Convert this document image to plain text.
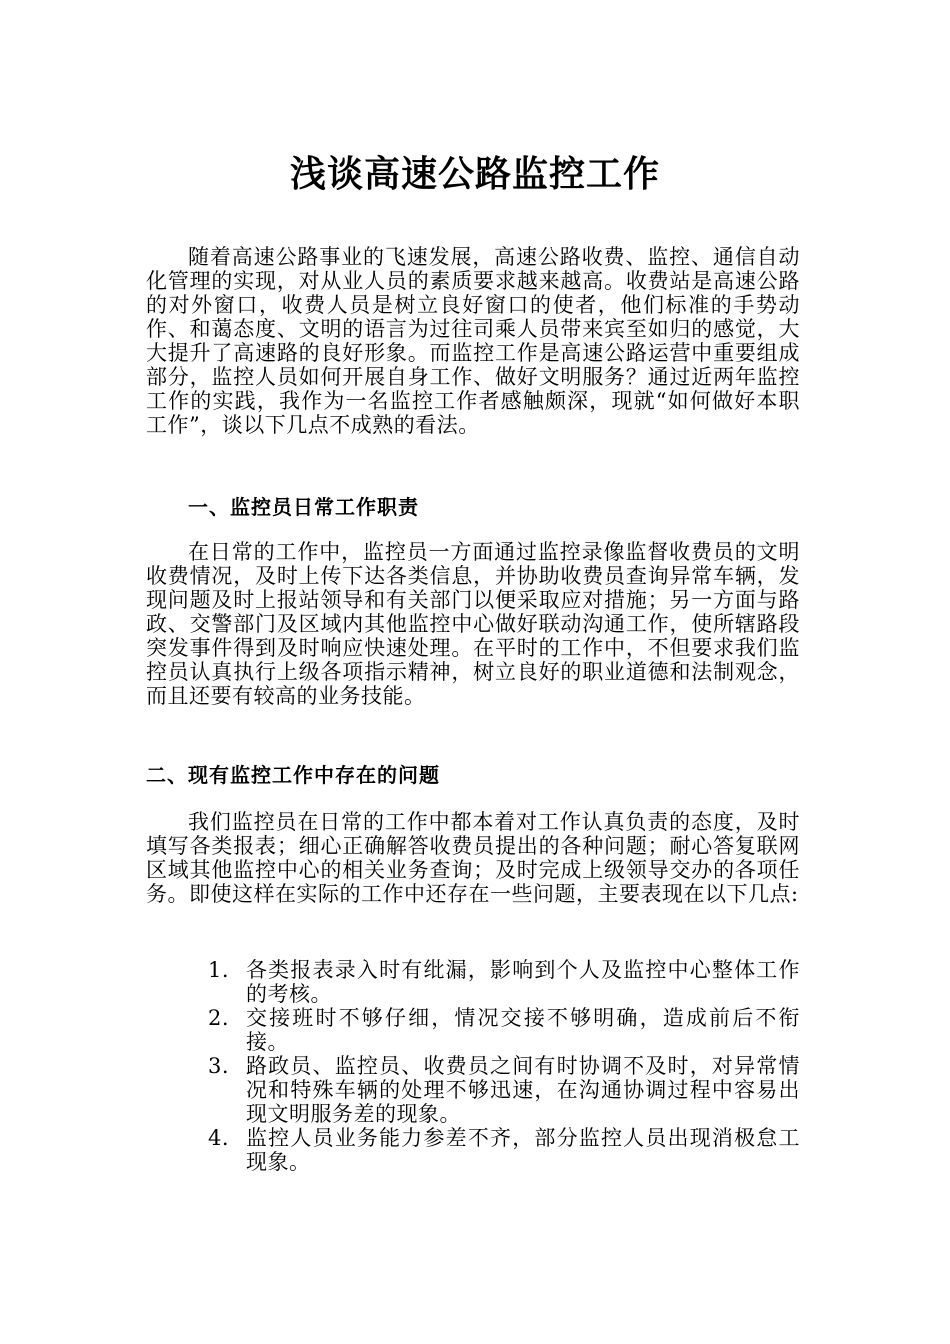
浅谈高速公路监控工作

随着高速公路事业的飞速发展，高速公路收费、监控、通信自动化管理的实现，对从业人员的素质要求越来越高。收费站是高速公路的对外窗口，收费人员是树立良好窗口的使者，他们标准的手势动作、和蔼态度、文明的语言为过往司乘人员带来宾至如归的感觉，大大提升了高速路的良好形象。而监控工作是高速公路运营中重要组成部分，监控人员如何开展自身工作、做好文明服务？通过近两年监控工作的实践，我作为一名监控工作者感触颇深，现就“如何做好本职工作”，谈以下几点不成熟的看法。

一、监控员日常工作职责

在日常的工作中，监控员一方面通过监控录像监督收费员的文明收费情况，及时上传下达各类信息，并协助收费员查询异常车辆，发现问题及时上报站领导和有关部门以便采取应对措施；另一方面与路政、交警部门及区域内其他监控中心做好联动沟通工作，使所辖路段突发事件得到及时响应快速处理。在平时的工作中，不但要求我们监控员认真执行上级各项指示精神，树立良好的职业道德和法制观念，而且还要有较高的业务技能。

二、现有监控工作中存在的问题

我们监控员在日常的工作中都本着对工作认真负责的态度，及时填写各类报表；细心正确解答收费员提出的各种问题；耐心答复联网区域其他监控中心的相关业务查询；及时完成上级领导交办的各项任务。即使这样在实际的工作中还存在一些问题，主要表现在以下几点:

1. 各类报表录入时有纰漏，影响到个人及监控中心整体工作的考核。
2. 交接班时不够仔细，情况交接不够明确，造成前后不衔接。
3. 路政员、监控员、收费员之间有时协调不及时，对异常情况和特殊车辆的处理不够迅速，在沟通协调过程中容易出现文明服务差的现象。
4. 监控人员业务能力参差不齐，部分监控人员出现消极怠工现象。
